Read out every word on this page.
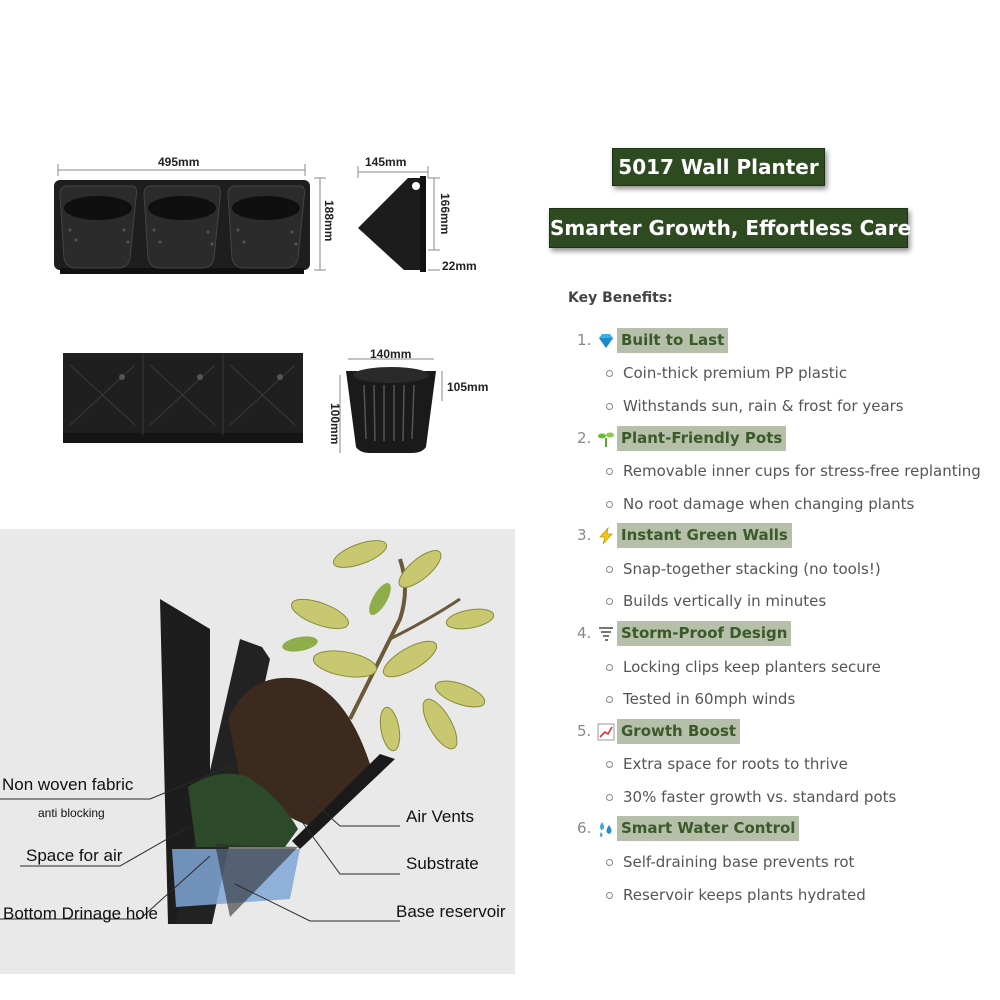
495mm
188mm
145mm
166mm
22mm
140mm
105mm
100mm
5017 Wall Planter
Smarter Growth, Effortless Care
Key Benefits:
1. Built to Last
Coin-thick premium PP plastic
Withstands sun, rain & frost for years
2. Plant-Friendly Pots
Removable inner cups for stress-free replanting
No root damage when changing plants
3. Instant Green Walls
Snap-together stacking (no tools!)
Builds vertically in minutes
4. Storm-Proof Design
Locking clips keep planters secure
Tested in 60mph winds
5. Growth Boost
Extra space for roots to thrive
30% faster growth vs. standard pots
6. Smart Water Control
Self-draining base prevents rot
Reservoir keeps plants hydrated
Non woven fabric
anti blocking
Space for air
Bottom Drinage hole
Air Vents
Substrate
Base reservoir
